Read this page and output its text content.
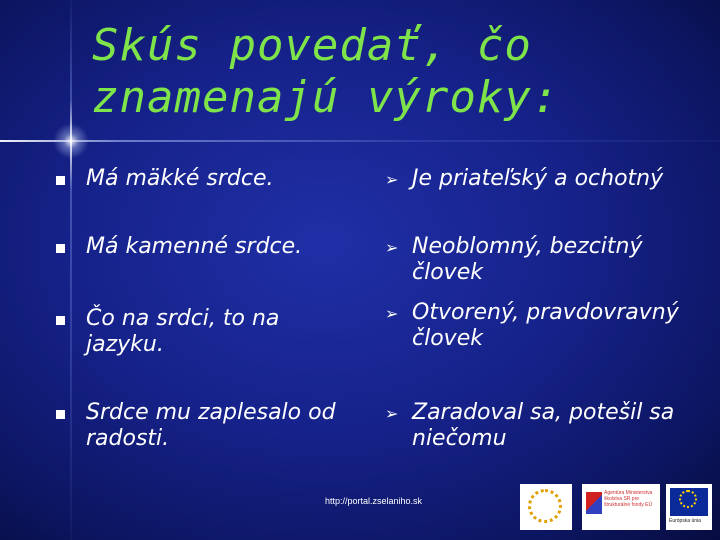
Skús povedať, čo znamenajú výroky:
Má mäkké srdce.
Má kamenné srdce.
Čo na srdci, to na jazyku.
Srdce mu zaplesalo od radosti.
➢ Je priateľský a ochotný
➢ Neoblomný, bezcitný človek
➢ Otvorený, pravdovravný človek
➢ Zaradoval sa, potešil sa niečomu
http://portal.zselaniho.sk
Agentúra Ministerstva školstva SR pre štrukturálne fondy EÚ
Európska únia
